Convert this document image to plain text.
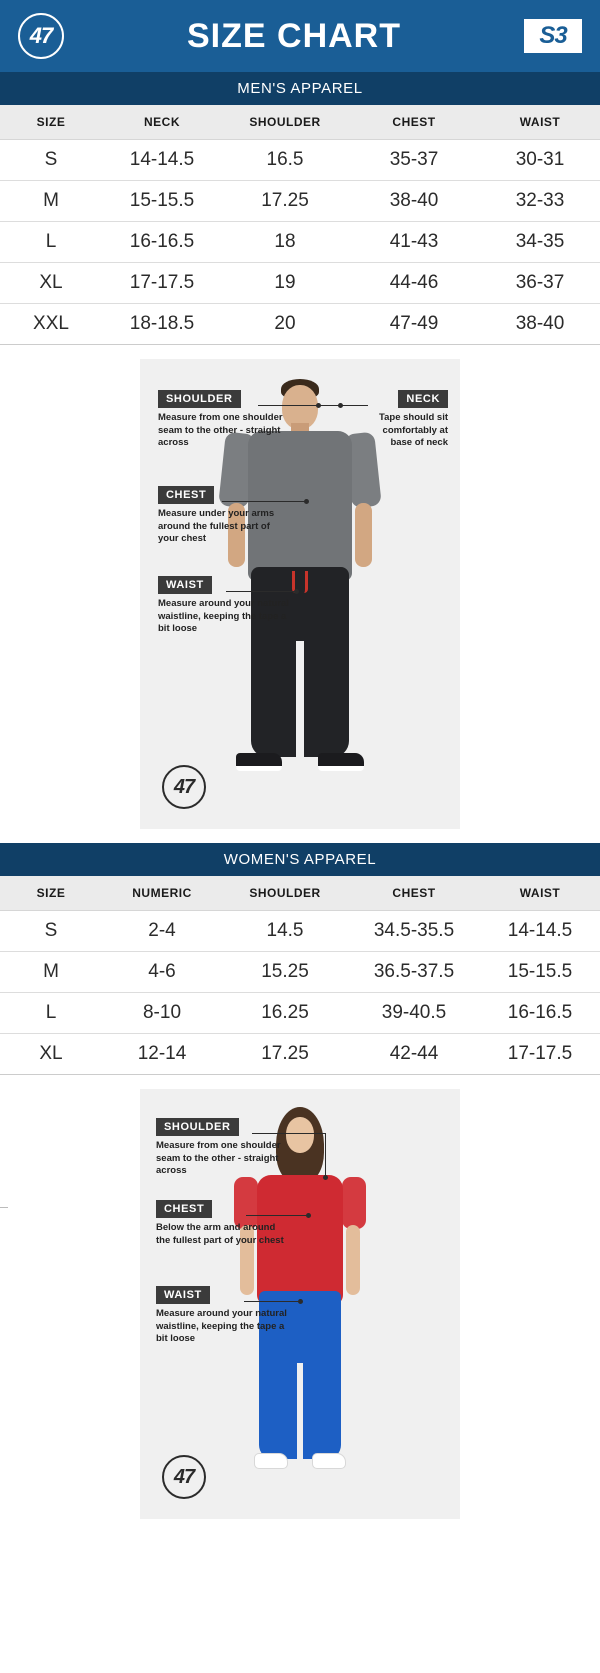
47	SIZE CHART	S3
MEN'S APPAREL
SIZE	NECK	SHOULDER	CHEST	WAIST
S	14-14.5	16.5	35-37	30-31
M	15-15.5	17.25	38-40	32-33
L	16-16.5	18	41-43	34-35
XL	17-17.5	19	44-46	36-37
XXL	18-18.5	20	47-49	38-40
SHOULDER
Measure from one shoulder seam to the other - straight across
NECK
Tape should sit comfortably at base of neck
CHEST
Measure under your arms around the fullest part of your chest
WAIST
Measure around your natural waistline, keeping the tape a bit loose
47
WOMEN'S APPAREL
SIZE	NUMERIC	SHOULDER	CHEST	WAIST
S	2-4	14.5	34.5-35.5	14-14.5
M	4-6	15.25	36.5-37.5	15-15.5
L	8-10	16.25	39-40.5	16-16.5
XL	12-14	17.25	42-44	17-17.5
SHOULDER
Measure from one shoulder seam to the other - straight across
CHEST
Below the arm and around the fullest part of your chest
WAIST
Measure around your natural waistline, keeping the tape a bit loose
47
